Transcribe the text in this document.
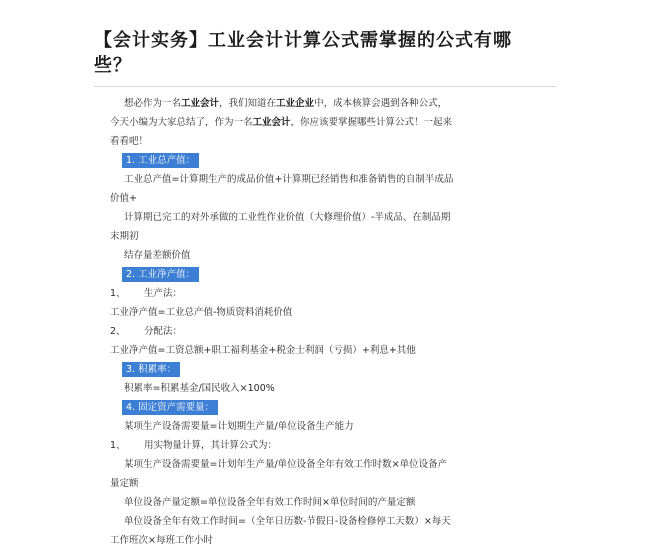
【会计实务】工业会计计算公式需掌握的公式有哪
些？
想必作为一名工业会计，我们知道在工业企业中，成本核算会遇到各种公式，
今天小编为大家总结了，作为一名工业会计，你应该要掌握哪些计算公式！一起来
看看吧！
1. 工业总产值：
工业总产值=计算期生产的成品价值+计算期已经销售和准备销售的自制半成品
价值+
计算期已完工的对外承做的工业性作业价值（大修理价值）-半成品、在制品期
末期初
结存量差额价值
2. 工业净产值：
1、 生产法：
工业净产值=工业总产值-物质资料消耗价值
2、 分配法：
工业净产值=工资总额+职工福利基金+税金士利润（亏损）+利息+其他
3. 积累率：
积累率=积累基金/国民收入×100%
4. 固定资产需要量：
某项生产设备需要量=计划期生产量/单位设备生产能力
1、 用实物量计算，其计算公式为：
某项生产设备需要量=计划年生产量/单位设备全年有效工作时数×单位设备产
量定额
单位设备产量定额=单位设备全年有效工作时间×单位时间的产量定额
单位设备全年有效工作时间=（全年日历数-节假日-设备检修停工天数）×每天
工作班次×每班工作小时
